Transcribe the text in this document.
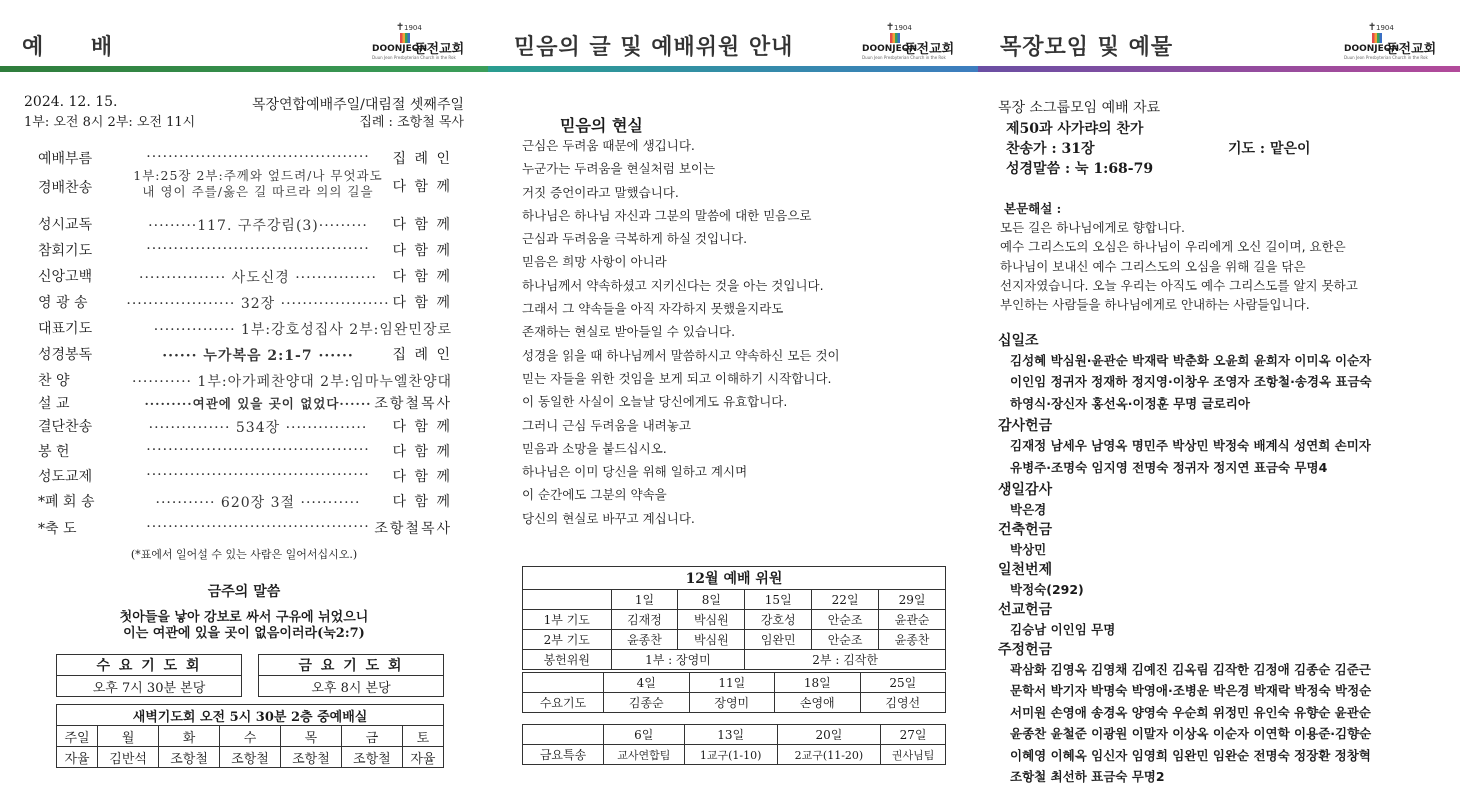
예 배
✝ 1904
DOONJEON
둔전교회
Duun Jeon Presbyterian Church in the Rok
2024. 12. 15.	목장연합예배주일/대림절 셋째주일
1부: 오전 8시 2부: 오전 11시	집례 : 조항철 목사
예배부름	·········································	집 례 인
경배찬송
1부:25장 2부:주께와 엎드려/나 무엇과도
내 영이 주를/옳은 길 따르라 의의 길을	다 함 께
성시교독	·········117. 구주강림(3)·········	다 함 께
참회기도	·········································	다 함 께
신앙고백	················ 사도신경 ···············	다 함 께
영 광 송	···················· 32장 ···················· 다 함 께
대표기도	··············· 1부:강호성집사 2부:임완민장로
성경봉독	······ 누가복음 2:1-7 ······	집 례 인
찬 양	··········· 1부:아가페찬양대 2부:임마누엘찬양대
설 교	·········여관에 있을 곳이 없었다······ 조항철목사
결단찬송	··············· 534장 ···············	다 함 께
봉 헌	·········································	다 함 께
성도교제	·········································	다 함 께
*폐 회 송	··········· 620장 3절 ···········	다 함 께
*축 도	········································· 조항철목사
(*표에서 일어설 수 있는 사람은 일어서십시오.)
금주의 말씀
첫아들을 낳아 강보로 싸서 구유에 뉘었으니
이는 여관에 있을 곳이 없음이러라(눅2:7)
수 요 기 도 회
오후 7시 30분 본당
금 요 기 도 회
오후 8시 본당
새벽기도회 오전 5시 30분 2층 중예배실						
주일	월	화	수	목	금	토
자율	김반석	조항철	조항철	조항철	조항철	자율
믿음의 글 및 예배위원 안내
✝ 1904
DOONJEON
둔전교회
Duun Jeon Presbyterian Church in the Rok
믿음의 현실
근심은 두려움 때문에 생깁니다.
누군가는 두려움을 현실처럼 보이는
거짓 증언이라고 말했습니다.
하나님은 하나님 자신과 그분의 말씀에 대한 믿음으로
근심과 두려움을 극복하게 하실 것입니다.
믿음은 희망 사항이 아니라
하나님께서 약속하셨고 지키신다는 것을 아는 것입니다.
그래서 그 약속들을 아직 자각하지 못했을지라도
존재하는 현실로 받아들일 수 있습니다.
성경을 읽을 때 하나님께서 말씀하시고 약속하신 모든 것이
믿는 자들을 위한 것임을 보게 되고 이해하기 시작합니다.
이 동일한 사실이 오늘날 당신에게도 유효합니다.
그러니 근심 두려움을 내려놓고
믿음과 소망을 붙드십시오.
하나님은 이미 당신을 위해 일하고 계시며
이 순간에도 그분의 약속을
당신의 현실로 바꾸고 계십니다.
12월 예배 위원					
	1일	8일	15일	22일	29일
1부 기도	김재정	박심원	강호성	안순조	윤관순
2부 기도	윤종찬	박심원	임완민	안순조	윤종찬
봉헌위원	1부 : 장영미		2부 : 김작한		
	4일	11일	18일	25일
수요기도	김종순	장영미	손영애	김영선
	6일	13일	20일	27일
금요특송	교사연합팀	1교구(1-10)	2교구(11-20)	권사님팀
목장모임 및 예물
✝ 1904
DOONJEON
둔전교회
Duun Jeon Presbyterian Church in the Rok
목장 소그룹모임 예배 자료
제50과 사가랴의 찬가
찬송가 : 31장	기도 : 맡은이
성경말씀 : 눅 1:68-79
본문해설 :
모든 길은 하나님에게로 향합니다.
예수 그리스도의 오심은 하나님이 우리에게 오신 길이며, 요한은
하나님이 보내신 예수 그리스도의 오심을 위해 길을 닦은
선지자였습니다. 오늘 우리는 아직도 예수 그리스도를 알지 못하고
부인하는 사람들을 하나님에게로 안내하는 사람들입니다.
십일조
김성혜 박심원·윤관순 박재락 박춘화 오윤희 윤희자 이미옥 이순자
이인임 정귀자 정재하 정지영·이창우 조영자 조항철·송경옥 표금숙
하영식·장신자 홍선옥·이정훈 무명 글로리아
감사헌금
김재정 남세우 남영옥 명민주 박상민 박정숙 배계식 성연희 손미자
유병주·조명숙 임지영 전명숙 정귀자 정지연 표금숙 무명4
생일감사
박은경
건축헌금
박상민
일천번제
박정숙(292)
선교헌금
김승남 이인임 무명
주정헌금
곽삼화 김영옥 김영채 김예진 김옥림 김작한 김정애 김종순 김준근
문학서 박기자 박명숙 박영애·조병운 박은경 박재락 박정숙 박정순
서미원 손영애 송경옥 양영숙 우순희 위정민 유인숙 유향순 윤관순
윤종찬 윤철준 이광원 이말자 이상옥 이순자 이연학 이용준·김향순
이혜영 이혜옥 임신자 임영희 임완민 임완순 전명숙 정장환 정창혁
조항철 최선하 표금숙 무명2
